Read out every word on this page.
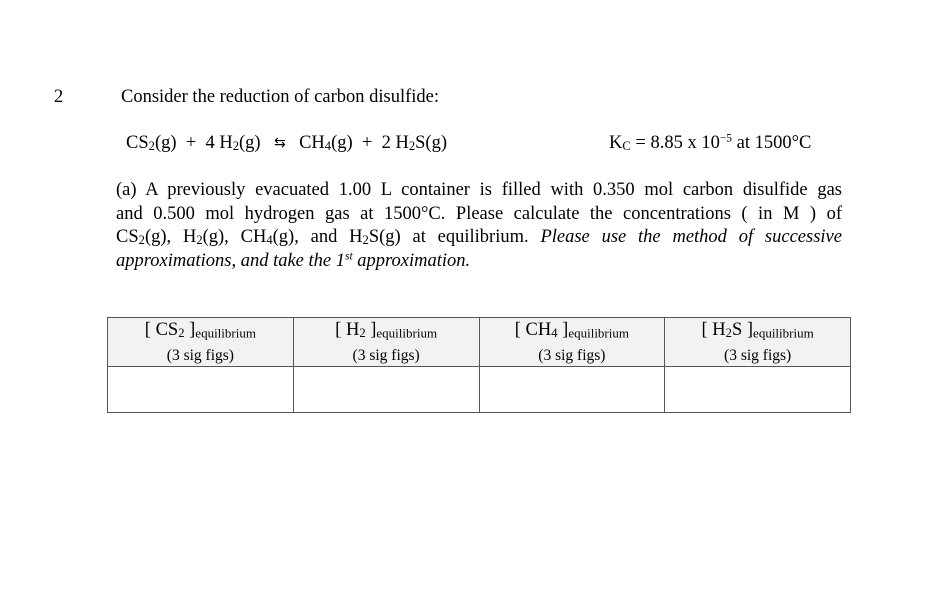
2	Consider the reduction of carbon disulfide:
$CS_2(g) + 4$ $H_2(g)$ ⇆ $CH_4(g) + 2$ $H_2S(g)$	$K_C = 8.85$ x $10^{-5}$ at 1500°C
(a) A previously evacuated 1.00 L container is filled with 0.350 mol carbon disulfide gas
and 0.500 mol hydrogen gas at 1500°C. Please calculate the concentrations ( in M ) of
$CS_2(g)$, $H_2(g)$, $CH_4(g)$, and $H_2S(g)$ at equilibrium. Please use the method of successive
approximations, and take the 1st approximation.
[ $CS_2$ ]equilibrium
(3 sig figs)	[ $H_2$ ]equilibrium
(3 sig figs)	[ $CH_4$ ]equilibrium
(3 sig figs)	[ $H_2S$ ]equilibrium
(3 sig figs)
